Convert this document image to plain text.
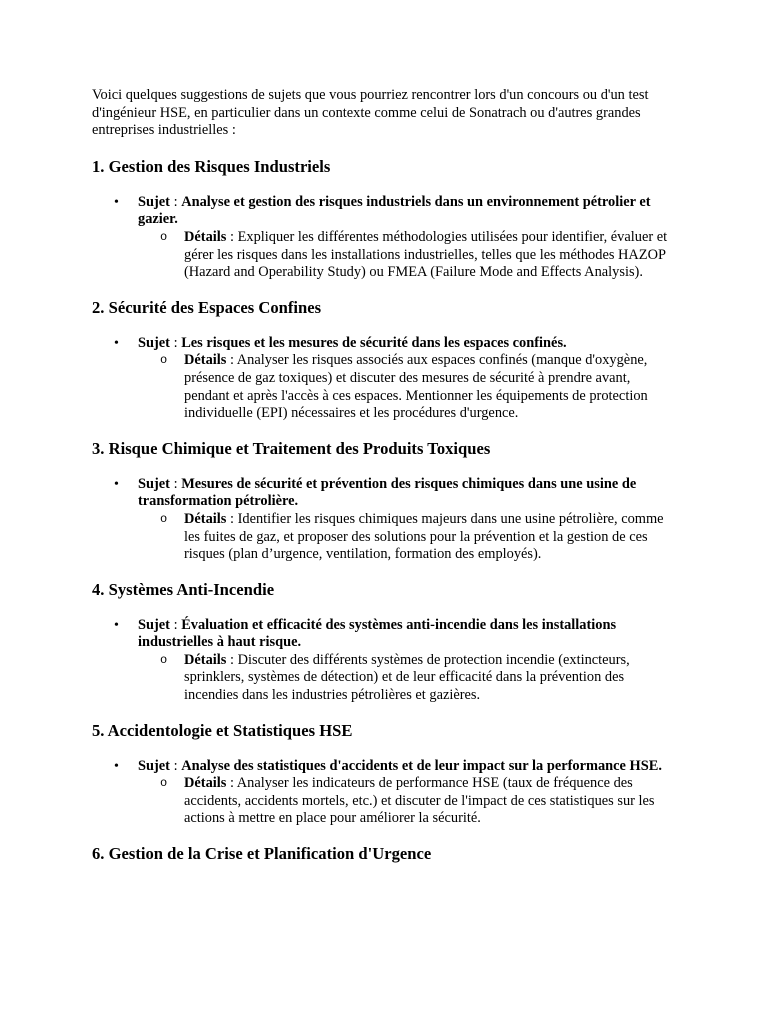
Voici quelques suggestions de sujets que vous pourriez rencontrer lors d'un concours ou d'un test d'ingénieur HSE, en particulier dans un contexte comme celui de Sonatrach ou d'autres grandes entreprises industrielles :

1. Gestion des Risques Industriels
• Sujet : Analyse et gestion des risques industriels dans un environnement pétrolier et gazier.
o Détails : Expliquer les différentes méthodologies utilisées pour identifier, évaluer et gérer les risques dans les installations industrielles, telles que les méthodes HAZOP (Hazard and Operability Study) ou FMEA (Failure Mode and Effects Analysis).
2. Sécurité des Espaces Confines
• Sujet : Les risques et les mesures de sécurité dans les espaces confinés.
o Détails : Analyser les risques associés aux espaces confinés (manque d'oxygène, présence de gaz toxiques) et discuter des mesures de sécurité à prendre avant, pendant et après l'accès à ces espaces. Mentionner les équipements de protection individuelle (EPI) nécessaires et les procédures d'urgence.
3. Risque Chimique et Traitement des Produits Toxiques
• Sujet : Mesures de sécurité et prévention des risques chimiques dans une usine de transformation pétrolière.
o Détails : Identifier les risques chimiques majeurs dans une usine pétrolière, comme les fuites de gaz, et proposer des solutions pour la prévention et la gestion de ces risques (plan d’urgence, ventilation, formation des employés).
4. Systèmes Anti-Incendie
• Sujet : Évaluation et efficacité des systèmes anti-incendie dans les installations industrielles à haut risque.
o Détails : Discuter des différents systèmes de protection incendie (extincteurs, sprinklers, systèmes de détection) et de leur efficacité dans la prévention des incendies dans les industries pétrolières et gazières.
5. Accidentologie et Statistiques HSE
• Sujet : Analyse des statistiques d'accidents et de leur impact sur la performance HSE.
o Détails : Analyser les indicateurs de performance HSE (taux de fréquence des accidents, accidents mortels, etc.) et discuter de l'impact de ces statistiques sur les actions à mettre en place pour améliorer la sécurité.
6. Gestion de la Crise et Planification d'Urgence
